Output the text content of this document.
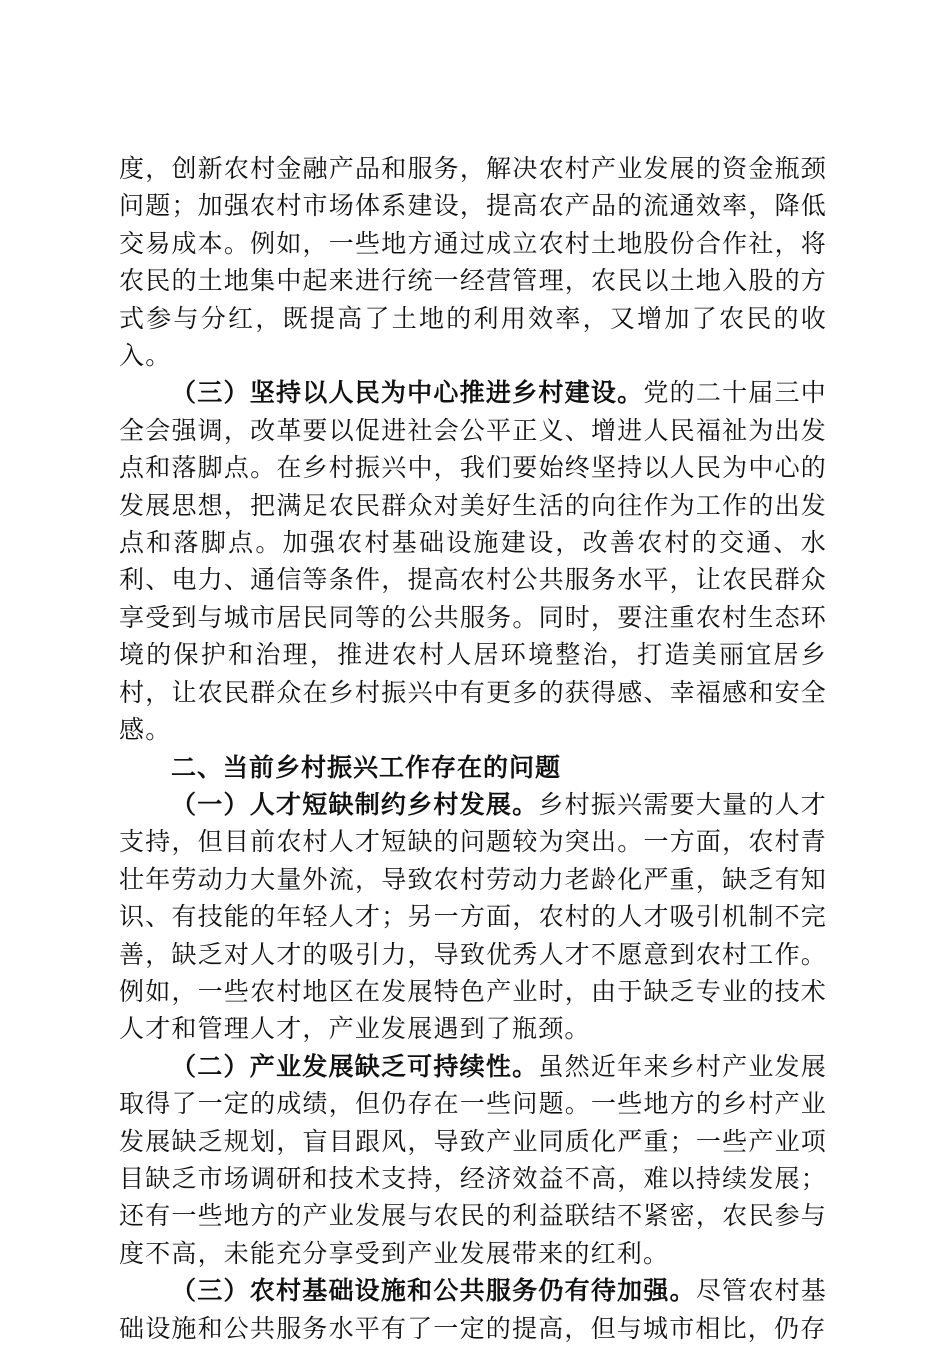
度，创新农村金融产品和服务，解决农村产业发展的资金瓶颈问题；加强农村市场体系建设，提高农产品的流通效率，降低交易成本。例如，一些地方通过成立农村土地股份合作社，将农民的土地集中起来进行统一经营管理，农民以土地入股的方式参与分红，既提高了土地的利用效率，又增加了农民的收入。

（三）坚持以人民为中心推进乡村建设。党的二十届三中全会强调，改革要以促进社会公平正义、增进人民福祉为出发点和落脚点。在乡村振兴中，我们要始终坚持以人民为中心的发展思想，把满足农民群众对美好生活的向往作为工作的出发点和落脚点。加强农村基础设施建设，改善农村的交通、水利、电力、通信等条件，提高农村公共服务水平，让农民群众享受到与城市居民同等的公共服务。同时，要注重农村生态环境的保护和治理，推进农村人居环境整治，打造美丽宜居乡村，让农民群众在乡村振兴中有更多的获得感、幸福感和安全感。

二、当前乡村振兴工作存在的问题

（一）人才短缺制约乡村发展。乡村振兴需要大量的人才支持，但目前农村人才短缺的问题较为突出。一方面，农村青壮年劳动力大量外流，导致农村劳动力老龄化严重，缺乏有知识、有技能的年轻人才；另一方面，农村的人才吸引机制不完善，缺乏对人才的吸引力，导致优秀人才不愿意到农村工作。例如，一些农村地区在发展特色产业时，由于缺乏专业的技术人才和管理人才，产业发展遇到了瓶颈。

（二）产业发展缺乏可持续性。虽然近年来乡村产业发展取得了一定的成绩，但仍存在一些问题。一些地方的乡村产业发展缺乏规划，盲目跟风，导致产业同质化严重；一些产业项目缺乏市场调研和技术支持，经济效益不高，难以持续发展；还有一些地方的产业发展与农民的利益联结不紧密，农民参与度不高，未能充分享受到产业发展带来的红利。

（三）农村基础设施和公共服务仍有待加强。尽管农村基础设施和公共服务水平有了一定的提高，但与城市相比，仍存
